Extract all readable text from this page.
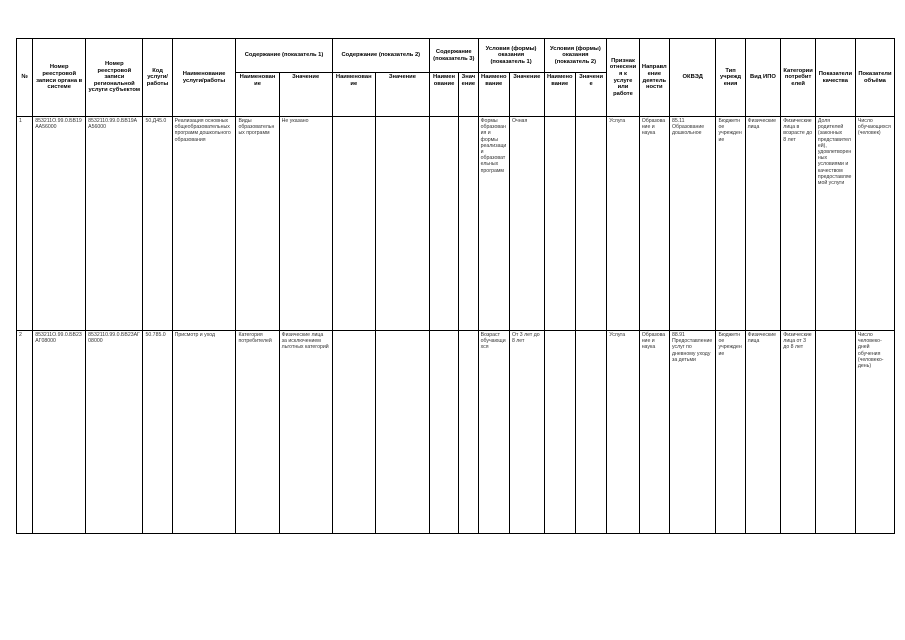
№	Номер реестровой записи органа в системе	Номер реестровой записи региональной услуги субъектом	Код услуги/работы	Наименование услуги/работы	Содержание (показатель 1)		Содержание (показатель 2)		Содержание (показатель 3)		Условия (формы) оказания (показатель 1)		Условия (формы) оказания (показатель 2)		Признак отнесения к услуге или работе	Направление деятельности	ОКВЭД	Тип учреждения	Вид ИПО	Категории потребителей	Показатели качества	Показатели объёма
					Наименование	Значение	Наименование	Значение	Наименование	Значение	Наименование	Значение	Наименование	Значение								
1	853211О.99.0.БВ19АА56000	8532110.99.0.БВ19АА56000	50.Д45.0	Реализация основных общеобразовательных программ дошкольного образования	Виды образовательных программ	Не указано					Формы образования и формы реализации образовательных программ	Очная			Услуга	Образование и наука	85.11 Образование дошкольное	Бюджетное учреждение	Физические лица	Физические лица в возрасте до 8 лет	Доля родителей (законных представителей), удовлетворенных условиями и качеством предоставляемой услуги	Число обучающихся (человек)
2	853211О.99.0.БВ23АГ08000	8532110.99.0.БВ23АГ08000	50.785.0	Присмотр и уход	Категория потребителей	Физические лица за исключением льготных категорий					Возраст обучающихся	От 3 лет до 8 лет			Услуга	Образование и наука	88.91 Предоставление услуг по дневному уходу за детьми	Бюджетное учреждение	Физические лица	Физические лица от 3 до 8 лет		Число человеко-дней обучения (человеко-день)
